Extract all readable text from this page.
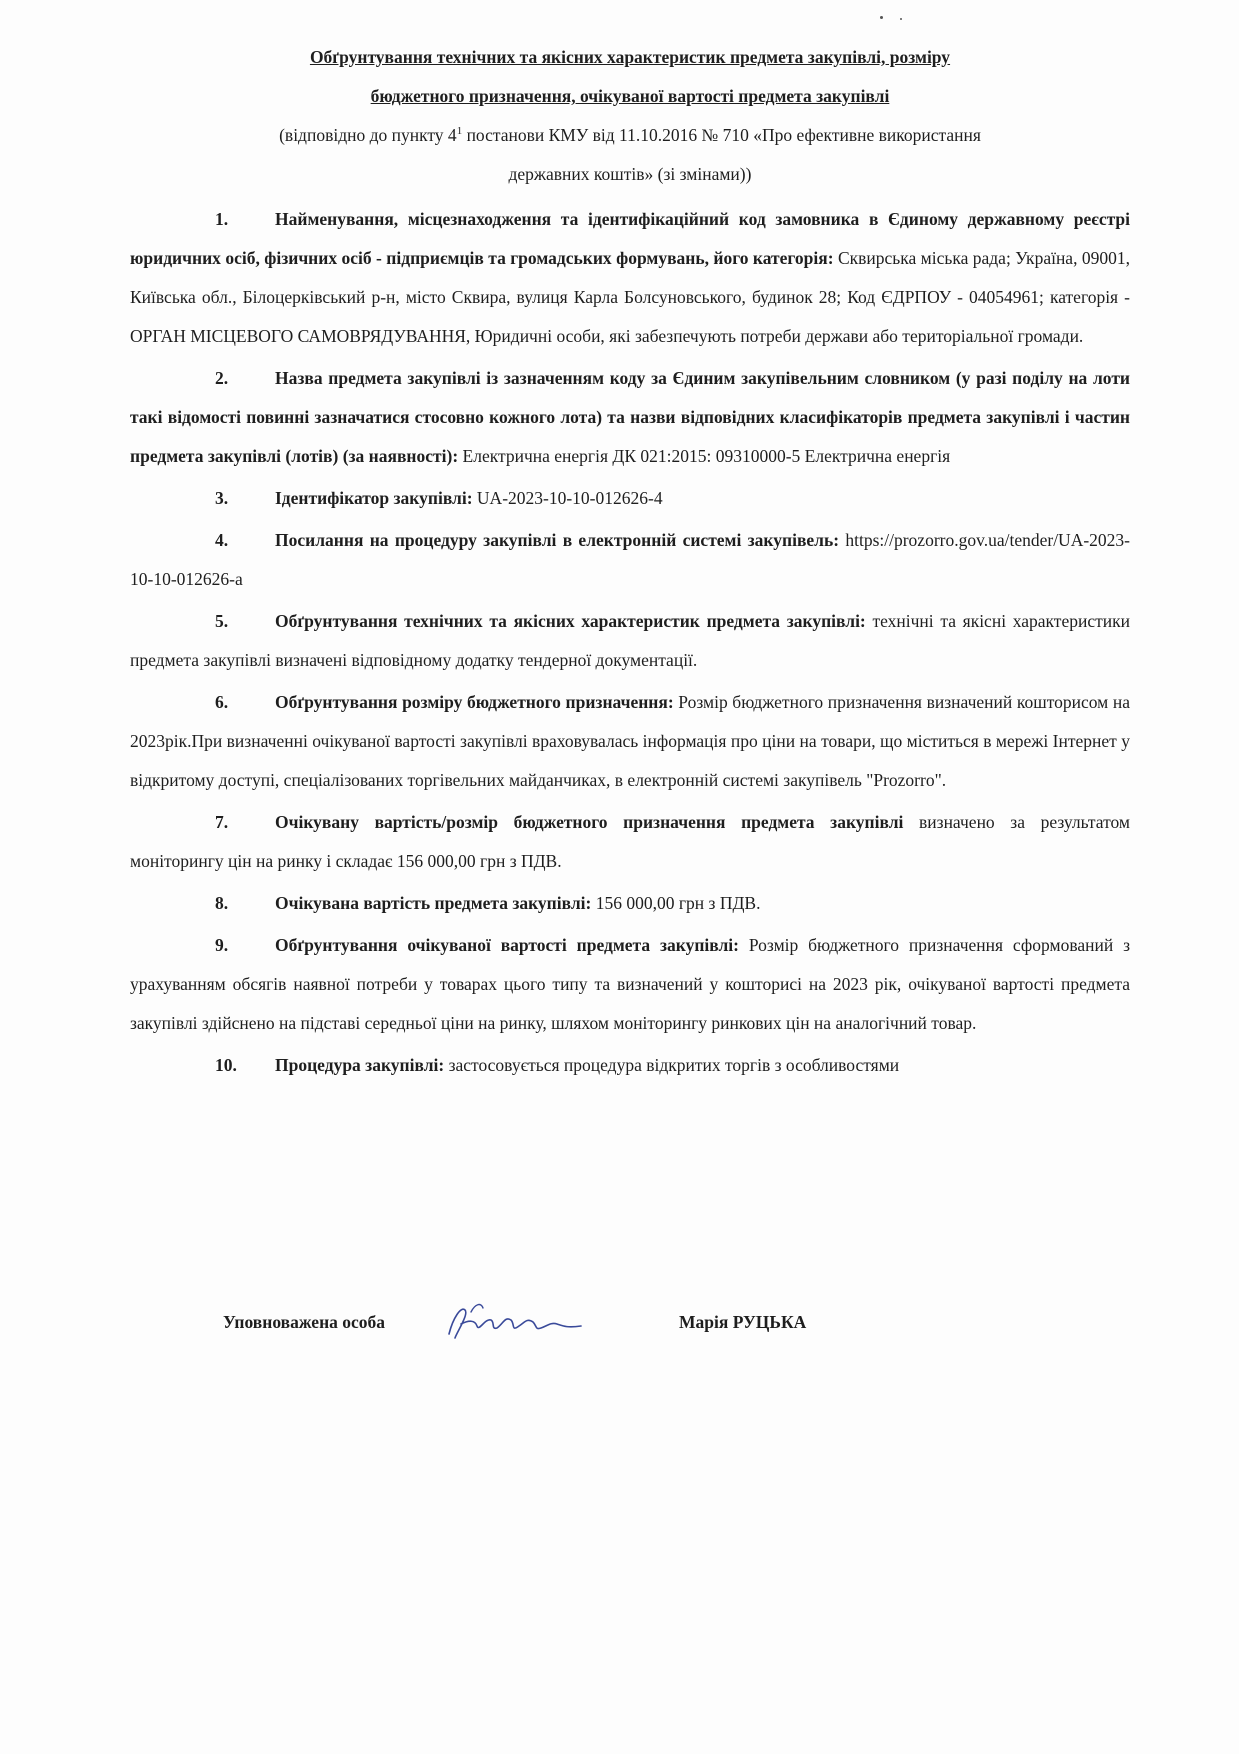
Обґрунтування технічних та якісних характеристик предмета закупівлі, розміру

бюджетного призначення, очікуваної вартості предмета закупівлі

(відповідно до пункту $4^1$ постанови КМУ від 11.10.2016 № 710 «Про ефективне використання
державних коштів» (зі змінами))

1.	Найменування, місцезнаходження та ідентифікаційний код замовника в Єдиному державному реєстрі юридичних осіб, фізичних осіб - підприємців та громадських формувань, його категорія: Сквирська міська рада; Україна, 09001, Київська обл., Білоцерківський р-н, місто Сквира, вулиця Карла Болсуновського, будинок 28; Код ЄДРПОУ - 04054961; категорія - ОРГАН МІСЦЕВОГО САМОВРЯДУВАННЯ, Юридичні особи, які забезпечують потреби держави або територіальної громади.

2.	Назва предмета закупівлі із зазначенням коду за Єдиним закупівельним словником (у разі поділу на лоти такі відомості повинні зазначатися стосовно кожного лота) та назви відповідних класифікаторів предмета закупівлі і частин предмета закупівлі (лотів) (за наявності): Електрична енергія ДК 021:2015: 09310000-5 Електрична енергія

3.	Ідентифікатор закупівлі: UA-2023-10-10-012626-4

4.	Посилання на процедуру закупівлі в електронній системі закупівель: https://prozorro.gov.ua/tender/UA-2023-10-10-012626-a

5.	Обґрунтування технічних та якісних характеристик предмета закупівлі: технічні та якісні характеристики предмета закупівлі визначені відповідному додатку тендерної документації.

6.	Обґрунтування розміру бюджетного призначення: Розмір бюджетного призначення визначений кошторисом на 2023рік.При визначенні очікуваної вартості закупівлі враховувалась інформація про ціни на товари, що міститься в мережі Інтернет у відкритому доступі, спеціалізованих торгівельних майданчиках, в електронній системі закупівель "Prozorro".

7.	Очікувану вартість/розмір бюджетного призначення предмета закупівлі визначено за результатом моніторингу цін на ринку і складає 156 000,00 грн з ПДВ.

8.	Очікувана вартість предмета закупівлі: 156 000,00 грн з ПДВ.

9.	Обґрунтування очікуваної вартості предмета закупівлі: Розмір бюджетного призначення сформований з урахуванням обсягів наявної потреби у товарах цього типу та визначений у кошторисі на 2023 рік, очікуваної вартості предмета закупівлі здійснено на підставі середньої ціни на ринку, шляхом моніторингу ринкових цін на аналогічний товар.

10. Процедура закупівлі: застосовується процедура відкритих торгів з особливостями

Уповноважена особа	Марія РУЦЬКА
